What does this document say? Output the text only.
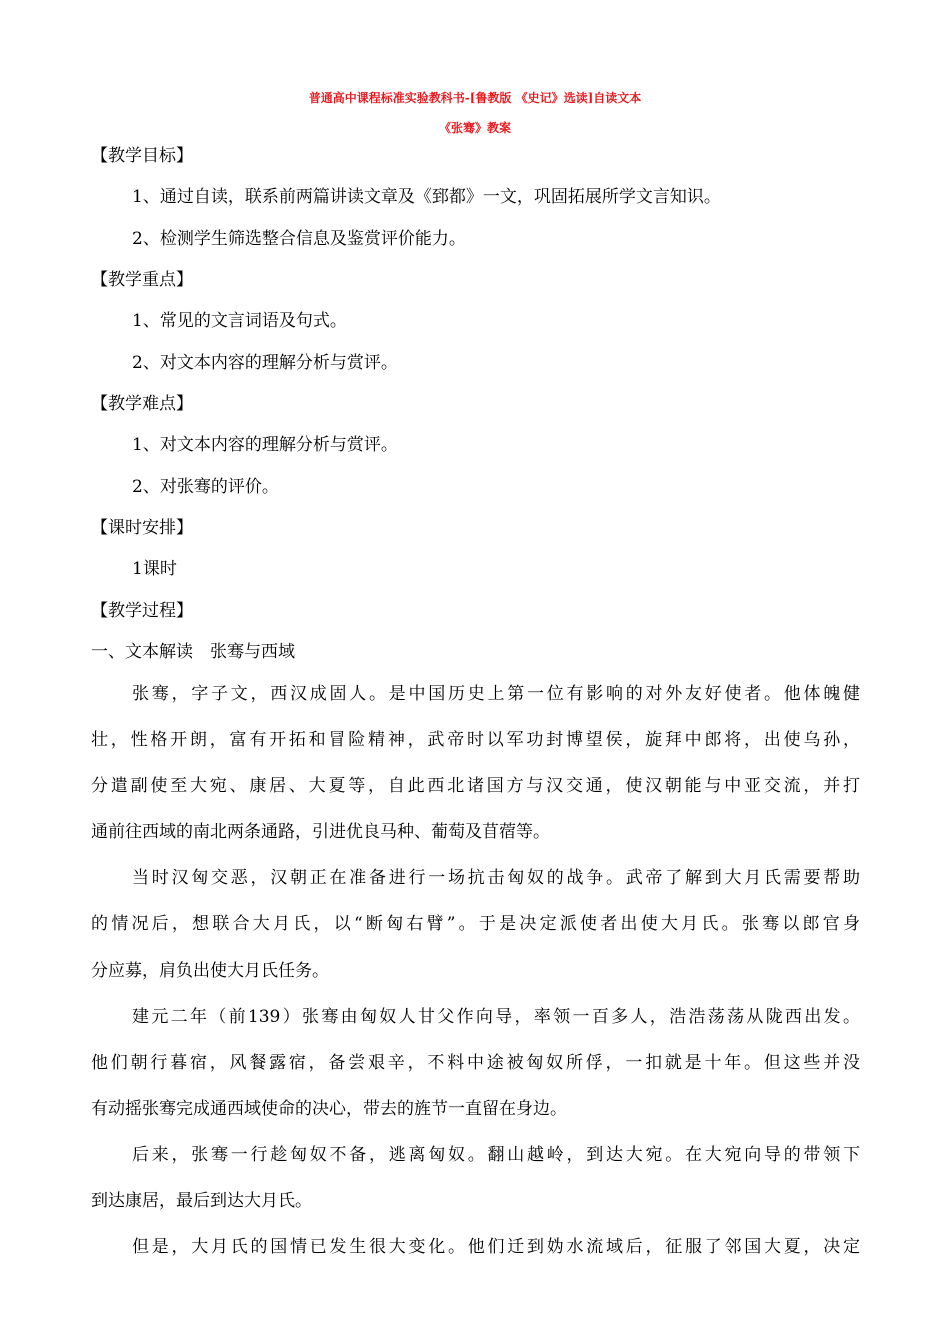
普通高中课程标准实验教科书-[鲁教版 《史记》选读]自读文本
《张骞》教案
【教学目标】
1、通过自读，联系前两篇讲读文章及《郅都》一文，巩固拓展所学文言知识。
2、检测学生筛选整合信息及鉴赏评价能力。
【教学重点】
1、常见的文言词语及句式。
2、对文本内容的理解分析与赏评。
【教学难点】
1、对文本内容的理解分析与赏评。
2、对张骞的评价。
【课时安排】
1课时
【教学过程】
一、文本解读　张骞与西域
张骞，字子文，西汉成固人。是中国历史上第一位有影响的对外友好使者。他体魄健
壮，性格开朗，富有开拓和冒险精神，武帝时以军功封博望侯，旋拜中郎将，出使乌孙，
分遣副使至大宛、康居、大夏等，自此西北诸国方与汉交通，使汉朝能与中亚交流，并打
通前往西域的南北两条通路，引进优良马种、葡萄及苜蓿等。
当时汉匈交恶，汉朝正在准备进行一场抗击匈奴的战争。武帝了解到大月氏需要帮助
的情况后，想联合大月氏，以“断匈右臂”。于是决定派使者出使大月氏。张骞以郎官身
分应募，肩负出使大月氏任务。
建元二年（前139）张骞由匈奴人甘父作向导，率领一百多人，浩浩荡荡从陇西出发。
他们朝行暮宿，风餐露宿，备尝艰辛，不料中途被匈奴所俘，一扣就是十年。但这些并没
有动摇张骞完成通西域使命的决心，带去的旌节一直留在身边。
后来，张骞一行趁匈奴不备，逃离匈奴。翻山越岭，到达大宛。在大宛向导的带领下
到达康居，最后到达大月氏。
但是，大月氏的国情已发生很大变化。他们迁到妫水流域后，征服了邻国大夏，决定
